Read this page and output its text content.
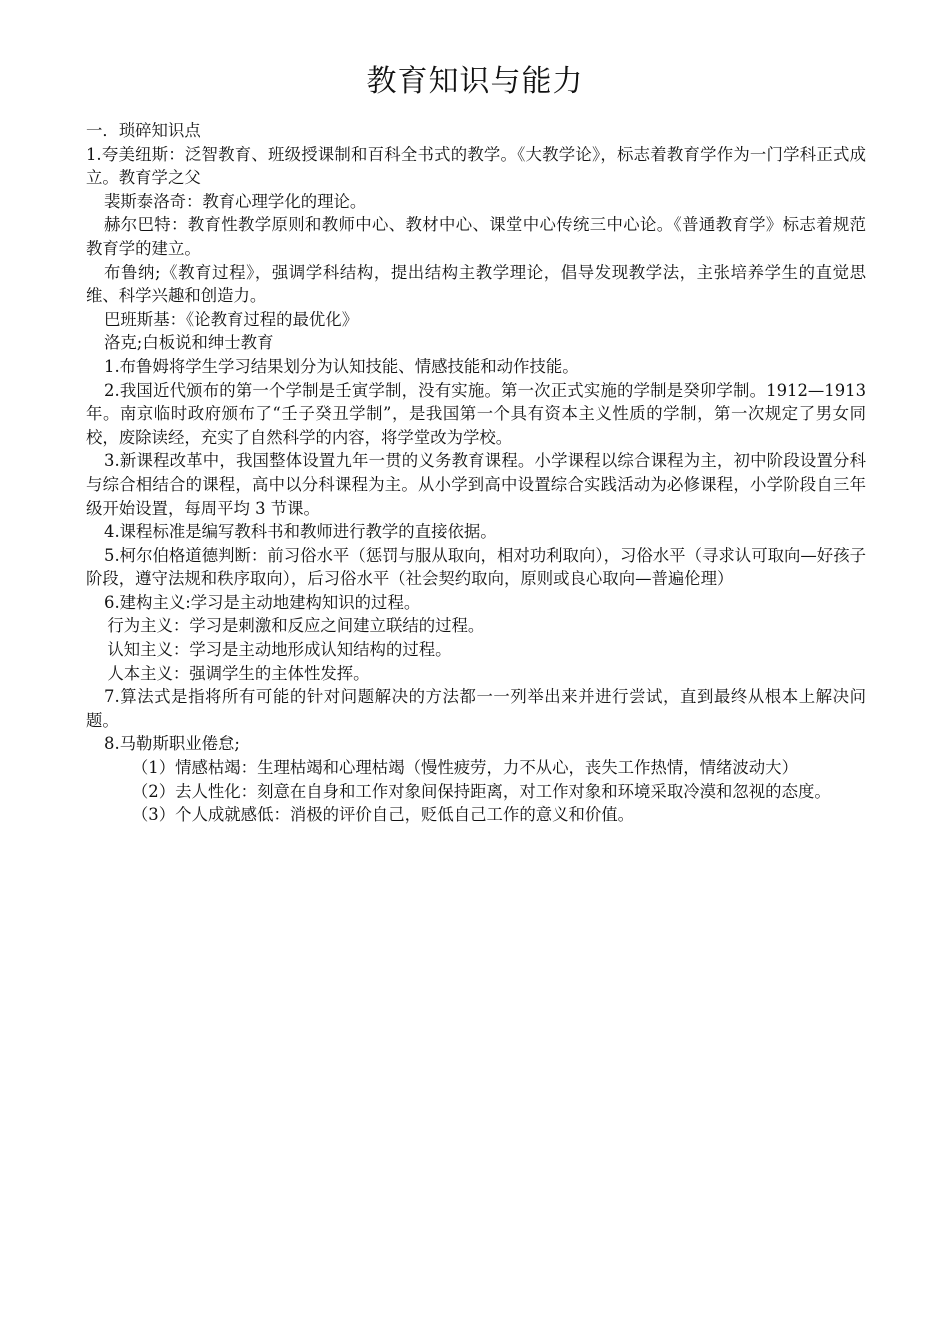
教育知识与能力

一．琐碎知识点

1.夸美纽斯：泛智教育、班级授课制和百科全书式的教学。《大教学论》，标志着教育学作为一门学科正式成立。教育学之父

裴斯泰洛奇：教育心理学化的理论。

赫尔巴特：教育性教学原则和教师中心、教材中心、课堂中心传统三中心论。《普通教育学》标志着规范教育学的建立。

布鲁纳;《教育过程》，强调学科结构，提出结构主教学理论，倡导发现教学法，主张培养学生的直觉思维、科学兴趣和创造力。

巴班斯基：《论教育过程的最优化》

洛克;白板说和绅士教育

1.布鲁姆将学生学习结果划分为认知技能、情感技能和动作技能。

2.我国近代颁布的第一个学制是壬寅学制，没有实施。第一次正式实施的学制是癸卯学制。1912—1913年。南京临时政府颁布了“壬子癸丑学制”，是我国第一个具有资本主义性质的学制，第一次规定了男女同校，废除读经，充实了自然科学的内容，将学堂改为学校。

3.新课程改革中，我国整体设置九年一贯的义务教育课程。小学课程以综合课程为主，初中阶段设置分科与综合相结合的课程，高中以分科课程为主。从小学到高中设置综合实践活动为必修课程，小学阶段自三年级开始设置，每周平均 3 节课。

4.课程标准是编写教科书和教师进行教学的直接依据。

5.柯尔伯格道德判断：前习俗水平（惩罚与服从取向，相对功利取向），习俗水平（寻求认可取向—好孩子阶段，遵守法规和秩序取向），后习俗水平（社会契约取向，原则或良心取向—普遍伦理）

6.建构主义:学习是主动地建构知识的过程。

行为主义：学习是刺激和反应之间建立联结的过程。

认知主义：学习是主动地形成认知结构的过程。

人本主义：强调学生的主体性发挥。

7.算法式是指将所有可能的针对问题解决的方法都一一列举出来并进行尝试，直到最终从根本上解决问题。

8.马勒斯职业倦怠;

（1）情感枯竭：生理枯竭和心理枯竭（慢性疲劳，力不从心，丧失工作热情，情绪波动大）

（2）去人性化：刻意在自身和工作对象间保持距离，对工作对象和环境采取冷漠和忽视的态度。

（3）个人成就感低：消极的评价自己，贬低自己工作的意义和价值。
